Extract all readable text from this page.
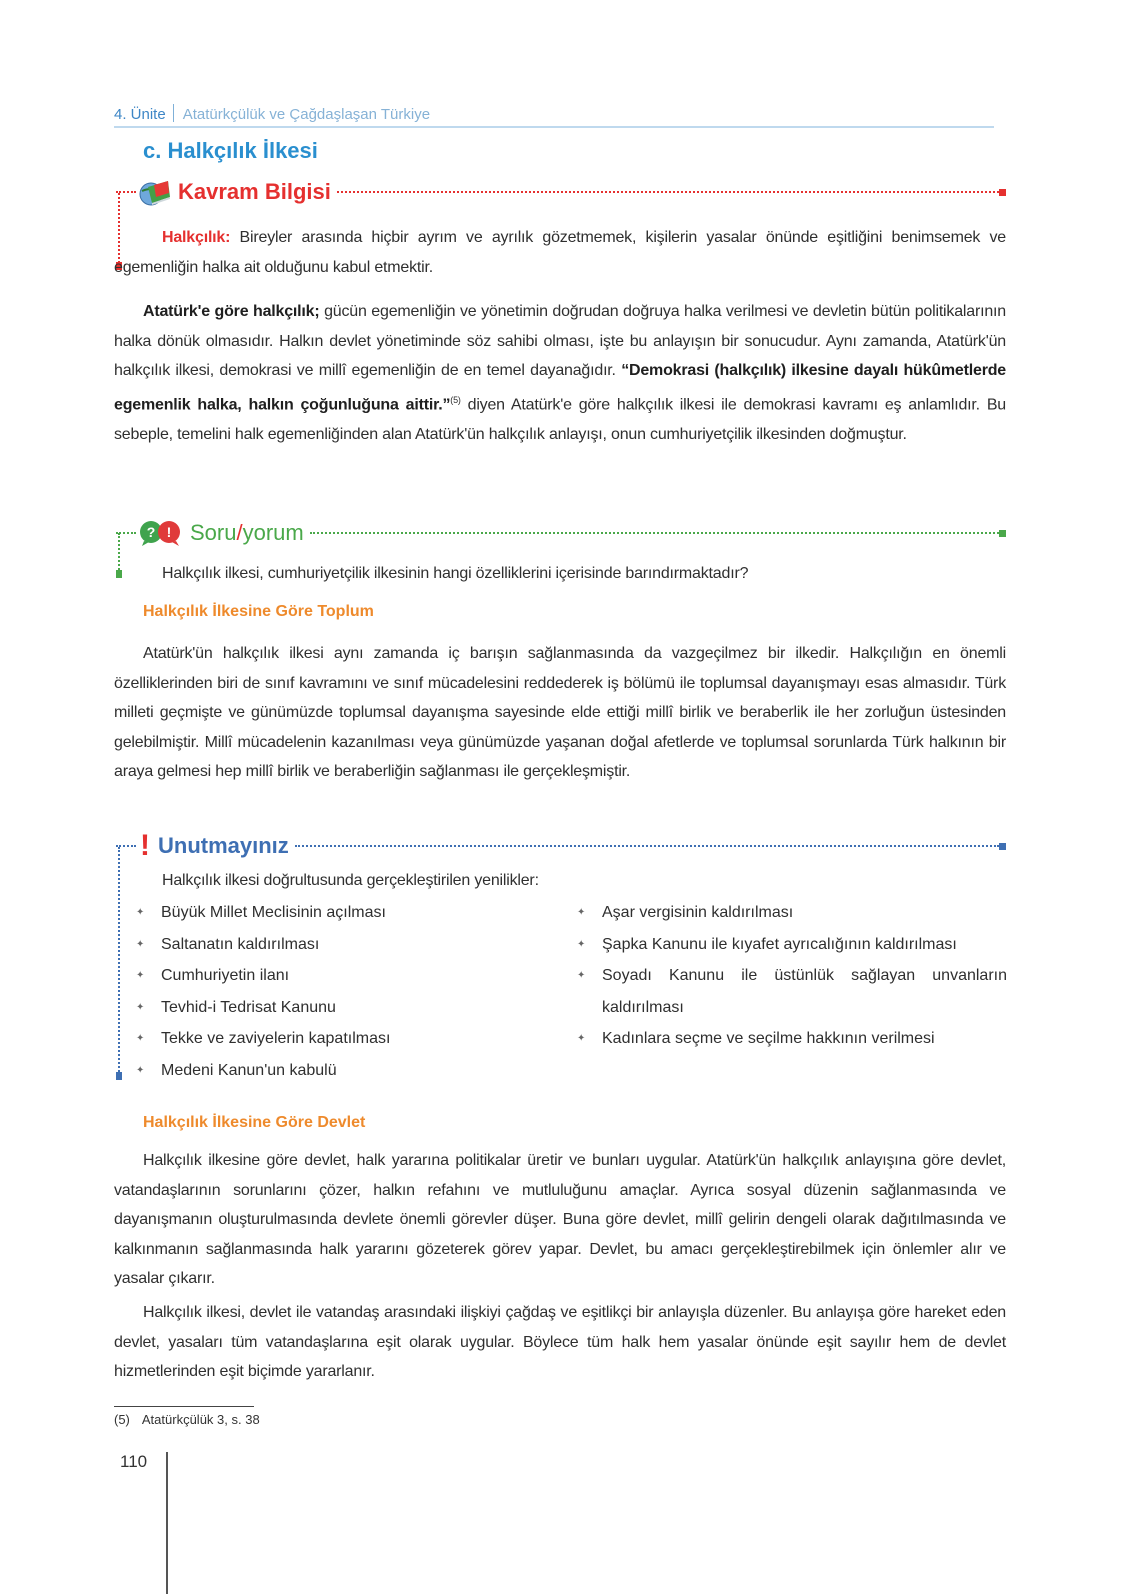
4. Ünite Atatürkçülük ve Çağdaşlaşan Türkiye
c. Halkçılık İlkesi
Kavram Bilgisi

Halkçılık: Bireyler arasında hiçbir ayrım ve ayrılık gözetmemek, kişilerin yasalar önünde eşitliğini benimsemek ve egemenliğin halka ait olduğunu kabul etmektir.

Atatürk'e göre halkçılık; gücün egemenliğin ve yönetimin doğrudan doğruya halka verilmesi ve devletin bütün politikalarının halka dönük olmasıdır. Halkın devlet yönetiminde söz sahibi olması, işte bu anlayışın bir sonucudur. Aynı zamanda, Atatürk'ün halkçılık ilkesi, demokrasi ve millî egemenliğin de en temel dayanağıdır. “Demokrasi (halkçılık) ilkesine dayalı hükûmetlerde egemenlik halka, halkın çoğunluğuna aittir.”$^{(5)}$ diyen Atatürk'e göre halkçılık ilkesi ile demokrasi kavramı eş anlamlıdır. Bu sebeple, temelini halk egemenliğinden alan Atatürk'ün halkçılık anlayışı, onun cumhuriyetçilik ilkesinden doğmuştur.

? ! Soru/yorum

Halkçılık ilkesi, cumhuriyetçilik ilkesinin hangi özelliklerini içerisinde barındırmaktadır?

Halkçılık İlkesine Göre Toplum

Atatürk'ün halkçılık ilkesi aynı zamanda iç barışın sağlanmasında da vazgeçilmez bir ilkedir. Halkçılığın en önemli özelliklerinden biri de sınıf kavramını ve sınıf mücadelesini reddederek iş bölümü ile toplumsal dayanışmayı esas almasıdır. Türk milleti geçmişte ve günümüzde toplumsal dayanışma sayesinde elde ettiği millî birlik ve beraberlik ile her zorluğun üstesinden gelebilmiştir. Millî mücadelenin kazanılması veya günümüzde yaşanan doğal afetlerde ve toplumsal sorunlarda Türk halkının bir araya gelmesi hep millî birlik ve beraberliğin sağlanması ile gerçekleşmiştir.

! Unutmayınız

Halkçılık ilkesi doğrultusunda gerçekleştirilen yenilikler:

✦ Büyük Millet Meclisinin açılması
✦ Saltanatın kaldırılması
✦ Cumhuriyetin ilanı
✦ Tevhid-i Tedrisat Kanunu
✦ Tekke ve zaviyelerin kapatılması
✦ Medeni Kanun'un kabulü
✦ Aşar vergisinin kaldırılması
✦ Şapka Kanunu ile kıyafet ayrıcalığının kaldırılması
✦ Soyadı Kanunu ile üstünlük sağlayan unvanların kaldırılması
✦ Kadınlara seçme ve seçilme hakkının verilmesi
Halkçılık İlkesine Göre Devlet

Halkçılık ilkesine göre devlet, halk yararına politikalar üretir ve bunları uygular. Atatürk'ün halkçılık anlayışına göre devlet, vatandaşlarının sorunlarını çözer, halkın refahını ve mutluluğunu amaçlar. Ayrıca sosyal düzenin sağlanmasında ve dayanışmanın oluşturulmasında devlete önemli görevler düşer. Buna göre devlet, millî gelirin dengeli olarak dağıtılmasında ve kalkınmanın sağlanmasında halk yararını gözeterek görev yapar. Devlet, bu amacı gerçekleştirebilmek için önlemler alır ve yasalar çıkarır.

Halkçılık ilkesi, devlet ile vatandaş arasındaki ilişkiyi çağdaş ve eşitlikçi bir anlayışla düzenler. Bu anlayışa göre hareket eden devlet, yasaları tüm vatandaşlarına eşit olarak uygular. Böylece tüm halk hem yasalar önünde eşit sayılır hem de devlet hizmetlerinden eşit biçimde yararlanır.

(5) Atatürkçülük 3, s. 38
110
